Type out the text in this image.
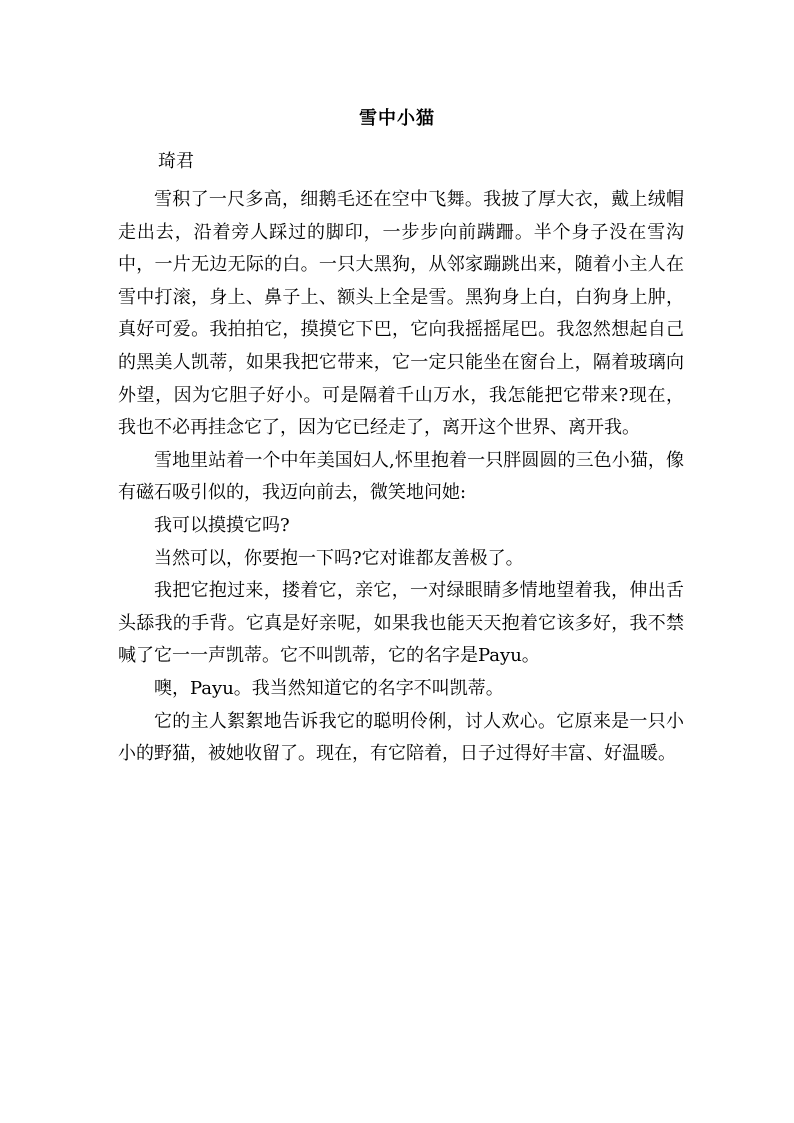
雪中小猫

琦君

雪积了一尺多高，细鹅毛还在空中飞舞。我披了厚大衣，戴上绒帽走出去，沿着旁人踩过的脚印，一步步向前蹒跚。半个身子没在雪沟中，一片无边无际的白。一只大黑狗，从邻家蹦跳出来，随着小主人在雪中打滚，身上、鼻子上、额头上全是雪。黑狗身上白，白狗身上肿，真好可爱。我拍拍它，摸摸它下巴，它向我摇摇尾巴。我忽然想起自己的黑美人凯蒂，如果我把它带来，它一定只能坐在窗台上，隔着玻璃向外望，因为它胆子好小。可是隔着千山万水，我怎能把它带来?现在，我也不必再挂念它了，因为它已经走了，离开这个世界、离开我。

雪地里站着一个中年美国妇人,怀里抱着一只胖圆圆的三色小猫，像有磁石吸引似的，我迈向前去，微笑地问她:

我可以摸摸它吗?

当然可以，你要抱一下吗?它对谁都友善极了。

我把它抱过来，搂着它，亲它，一对绿眼睛多情地望着我，伸出舌头舔我的手背。它真是好亲呢，如果我也能天天抱着它该多好，我不禁喊了它一一声凯蒂。它不叫凯蒂，它的名字是Payu。

噢，Payu。我当然知道它的名字不叫凯蒂。

它的主人絮絮地告诉我它的聪明伶俐，讨人欢心。它原来是一只小小的野猫，被她收留了。现在，有它陪着，日子过得好丰富、好温暖。
